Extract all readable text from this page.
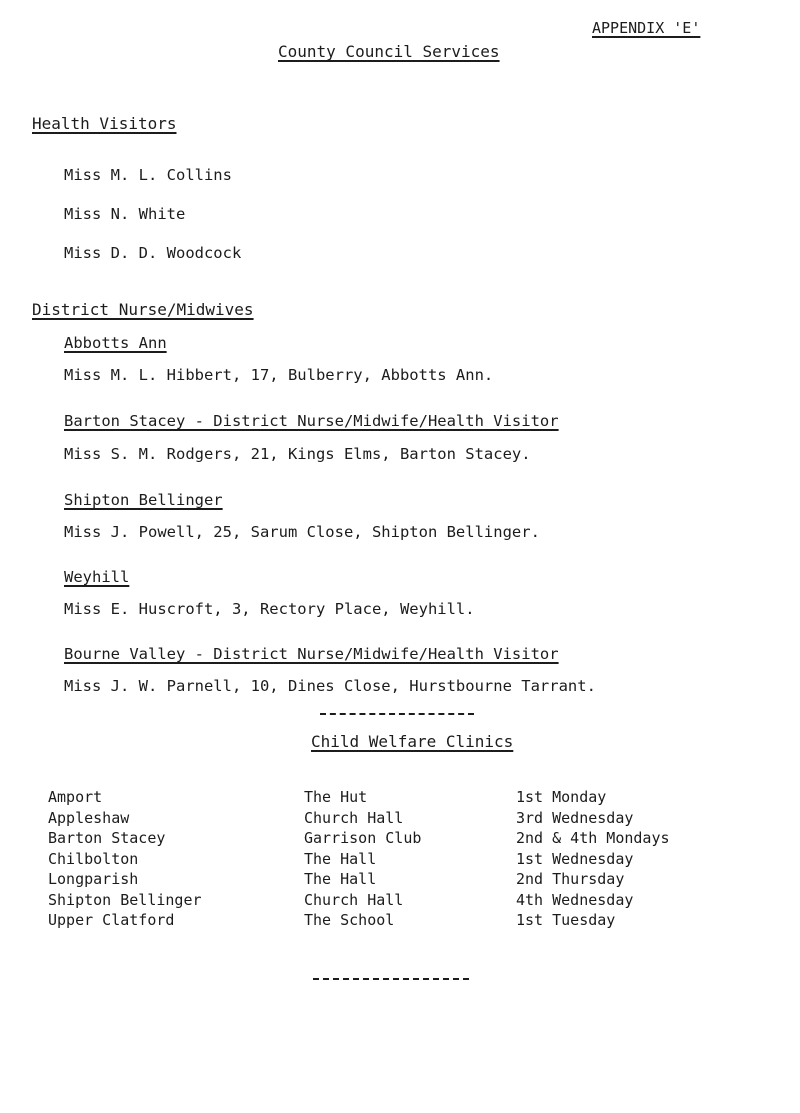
APPENDIX 'E'
County Council Services
Health Visitors
Miss M. L. Collins
Miss N. White
Miss D. D. Woodcock
District Nurse/Midwives
Abbotts Ann
Miss M. L. Hibbert, 17, Bulberry, Abbotts Ann.
Barton Stacey - District Nurse/Midwife/Health Visitor
Miss S. M. Rodgers, 21, Kings Elms, Barton Stacey.
Shipton Bellinger
Miss J. Powell, 25, Sarum Close, Shipton Bellinger.
Weyhill
Miss E. Huscroft, 3, Rectory Place, Weyhill.
Bourne Valley - District Nurse/Midwife/Health Visitor
Miss J. W. Parnell, 10, Dines Close, Hurstbourne Tarrant.
Child Welfare Clinics
Amport	The Hut	1st Monday
Appleshaw	Church Hall	3rd Wednesday
Barton Stacey	Garrison Club	2nd & 4th Mondays
Chilbolton	The Hall	1st Wednesday
Longparish	The Hall	2nd Thursday
Shipton Bellinger	Church Hall	4th Wednesday
Upper Clatford	The School	1st Tuesday
